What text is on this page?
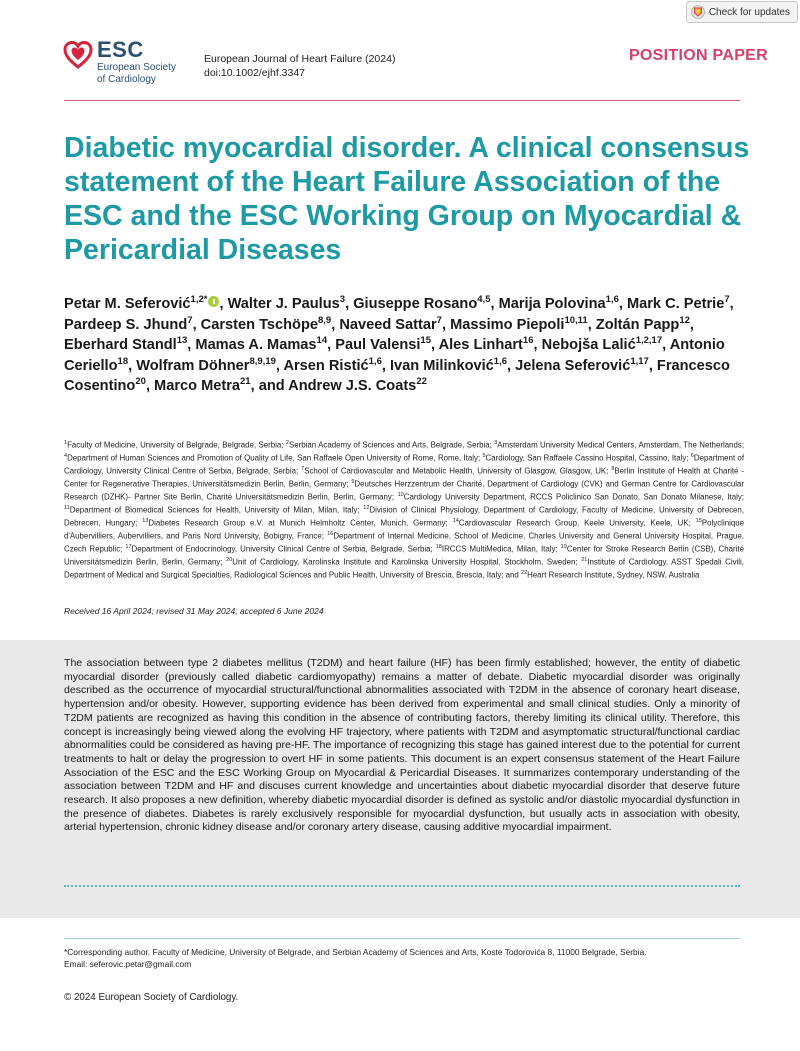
Check for updates
ESC
European Society
of Cardiology
European Journal of Heart Failure (2024)
doi:10.1002/ejhf.3347
POSITION PAPER
Diabetic myocardial disorder. A clinical consensus statement of the Heart Failure Association of the ESC and the ESC Working Group on Myocardial & Pericardial Diseases

Petar M. Seferović$^{1,2*}$ , Walter J. Paulus$^3$, Giuseppe Rosano$^{4,5}$, Marija Polovina$^{1,6}$, Mark C. Petrie$^7$, Pardeep S. Jhund$^7$, Carsten Tschöpe$^{8,9}$, Naveed Sattar$^7$, Massimo Piepoli$^{10,11}$, Zoltán Papp$^{12}$, Eberhard Standl$^{13}$, Mamas A. Mamas$^{14}$, Paul Valensi$^{15}$, Ales Linhart$^{16}$, Nebojša Lalić$^{1,2,17}$, Antonio Ceriello$^{18}$, Wolfram Döhner$^{8,9,19}$, Arsen Ristić$^{1,6}$, Ivan Milinković$^{1,6}$, Jelena Seferović$^{1,17}$, Francesco Cosentino$^{20}$, Marco Metra$^{21}$, and Andrew J.S. Coats$^{22}$

$^1$Faculty of Medicine, University of Belgrade, Belgrade, Serbia; $^2$Serbian Academy of Sciences and Arts, Belgrade, Serbia; $^3$Amsterdam University Medical Centers, Amsterdam, The Netherlands; $^4$Department of Human Sciences and Promotion of Quality of Life, San Raffaele Open University of Rome, Rome, Italy; $^5$Cardiology, San Raffaele Cassino Hospital, Cassino, Italy; $^6$Department of Cardiology, University Clinical Centre of Serbia, Belgrade, Serbia; $^7$School of Cardiovascular and Metabolic Health, University of Glasgow, Glasgow, UK; $^8$Berlin Institute of Health at Charité - Center for Regenerative Therapies, Universitätsmedizin Berlin, Berlin, Germany; $^9$Deutsches Herzzentrum der Charité, Department of Cardiology (CVK) and German Centre for Cardiovascular Research (DZHK)- Partner Site Berlin, Charité Universitätsmedizin Berlin, Berlin, Germany; $^{10}$Cardiology University Department, RCCS Policlinico San Donato, San Donato Milanese, Italy; $^{11}$Department of Biomedical Sciences for Health, University of Milan, Milan, Italy; $^{12}$Division of Clinical Physiology, Department of Cardiology, Faculty of Medicine, University of Debrecen, Debrecen, Hungary; $^{13}$Diabetes Research Group e.V. at Munich Helmholtz Center, Munich, Germany; $^{14}$Cardiovascular Research Group, Keele University, Keele, UK; $^{15}$Polyclinique d'Aubervilliers, Aubervilliers, and Paris Nord University, Bobigny, France; $^{16}$Department of Internal Medicine, School of Medicine, Charles University and General University Hospital, Prague, Czech Republic; $^{17}$Department of Endocrinology, University Clinical Centre of Serbia, Belgrade, Serbia; $^{18}$IRCCS MultiMedica, Milan, Italy; $^{19}$Center for Stroke Research Berlin (CSB), Charité Universitätsmedizin Berlin, Berlin, Germany; $^{20}$Unit of Cardiology, Karolinska Institute and Karolinska University Hospital, Stockholm, Sweden; $^{21}$Institute of Cardiology, ASST Spedali Civili, Department of Medical and Surgical Specialties, Radiological Sciences and Public Health, University of Brescia, Brescia, Italy; and $^{22}$Heart Research Institute, Sydney, NSW, Australia

Received 16 April 2024; revised 31 May 2024; accepted 6 June 2024

The association between type 2 diabetes mellitus (T2DM) and heart failure (HF) has been firmly established; however, the entity of diabetic myocardial disorder (previously called diabetic cardiomyopathy) remains a matter of debate. Diabetic myocardial disorder was originally described as the occurrence of myocardial structural/functional abnormalities associated with T2DM in the absence of coronary heart disease, hypertension and/or obesity. However, supporting evidence has been derived from experimental and small clinical studies. Only a minority of T2DM patients are recognized as having this condition in the absence of contributing factors, thereby limiting its clinical utility. Therefore, this concept is increasingly being viewed along the evolving HF trajectory, where patients with T2DM and asymptomatic structural/functional cardiac abnormalities could be considered as having pre-HF. The importance of recognizing this stage has gained interest due to the potential for current treatments to halt or delay the progression to overt HF in some patients. This document is an expert consensus statement of the Heart Failure Association of the ESC and the ESC Working Group on Myocardial & Pericardial Diseases. It summarizes contemporary understanding of the association between T2DM and HF and discuses current knowledge and uncertainties about diabetic myocardial disorder that deserve future research. It also proposes a new definition, whereby diabetic myocardial disorder is defined as systolic and/or diastolic myocardial dysfunction in the presence of diabetes. Diabetes is rarely exclusively responsible for myocardial dysfunction, but usually acts in association with obesity, arterial hypertension, chronic kidney disease and/or coronary artery disease, causing additive myocardial impairment.

*Corresponding author. Faculty of Medicine, University of Belgrade, and Serbian Academy of Sciences and Arts, Koste Todorovića 8, 11000 Belgrade, Serbia.
Email: seferovic.petar@gmail.com
© 2024 European Society of Cardiology.
